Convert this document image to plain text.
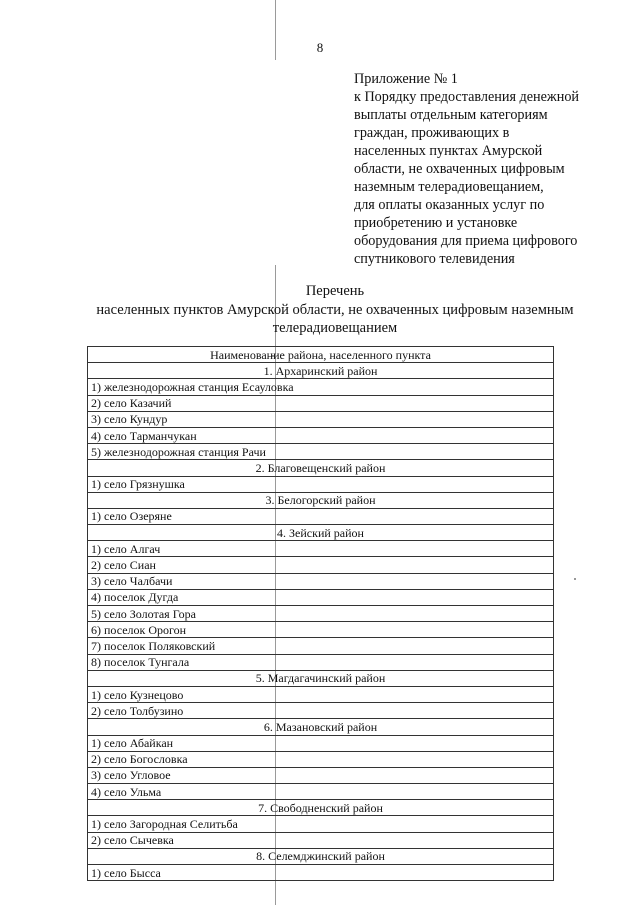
8
Приложение № 1
к Порядку предоставления денежной
выплаты отдельным категориям
граждан, проживающих в
населенных пунктах Амурской
области, не охваченных цифровым
наземным телерадиовещанием,
для оплаты оказанных услуг по
приобретению и установке
оборудования для приема цифрового
спутникового телевидения
Перечень
населенных пунктов Амурской области, не охваченных цифровым наземным
телерадиовещанием
Наименование района, населенного пункта
1. Архаринский район
1) железнодорожная станция Есауловка
2) село Казачий
3) село Кундур
4) село Тарманчукан
5) железнодорожная станция Рачи
2. Благовещенский район
1) село Грязнушка
3. Белогорский район
1) село Озеряне
4. Зейский район
1) село Алгач
2) село Сиан
3) село Чалбачи
4) поселок Дугда
5) село Золотая Гора
6) поселок Орогон
7) поселок Поляковский
8) поселок Тунгала
5. Магдагачинский район
1) село Кузнецово
2) село Толбузино
6. Мазановский район
1) село Абайкан
2) село Богословка
3) село Угловое
4) село Ульма
7. Свободненский район
1) село Загородная Селитьба
2) село Сычевка
8. Селемджинский район
1) село Бысса
